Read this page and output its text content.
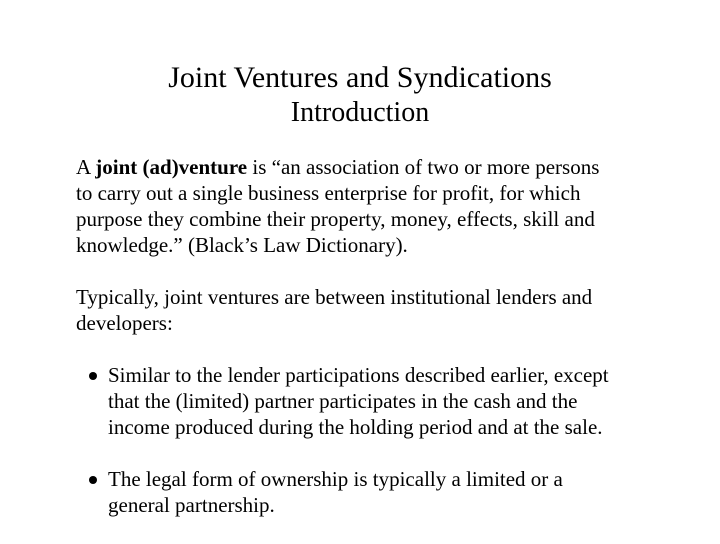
Joint Ventures and Syndications
Introduction
A joint (ad)venture is “an association of two or more persons
to carry out a single business enterprise for profit, for which
purpose they combine their property, money, effects, skill and
knowledge.” (Black’s Law Dictionary).
Typically, joint ventures are between institutional lenders and
developers:
Similar to the lender participations described earlier, except
that the (limited) partner participates in the cash and the
income produced during the holding period and at the sale.
The legal form of ownership is typically a limited or a
general partnership.
